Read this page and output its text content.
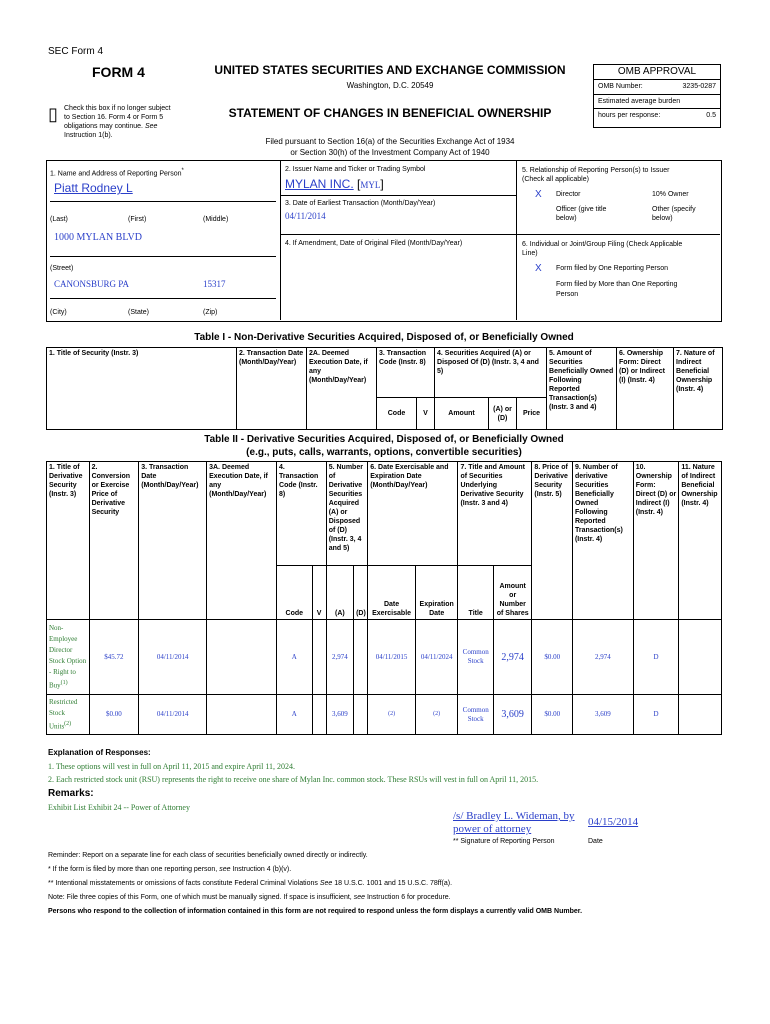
SEC Form 4
FORM 4	UNITED STATES SECURITIES AND EXCHANGE COMMISSION
Washington, D.C. 20549
▯ Check this box if no longer subject
to Section 16. Form 4 or Form 5
obligations may continue. See
Instruction 1(b).
STATEMENT OF CHANGES IN BENEFICIAL OWNERSHIP
Filed pursuant to Section 16(a) of the Securities Exchange Act of 1934
or Section 30(h) of the Investment Company Act of 1940
OMB APPROVAL
OMB Number:	3235-0287
Estimated average burden
hours per response:	0.5
1. Name and Address of Reporting Person*
Piatt Rodney L
(Last)	(First)	(Middle)
1000 MYLAN BLVD
(Street)
CANONSBURG PA	15317
(City)	(State)	(Zip)
2. Issuer Name and Ticker or Trading Symbol
MYLAN INC. [MYL]
3. Date of Earliest Transaction (Month/Day/Year)
04/11/2014
4. If Amendment, Date of Original Filed (Month/Day/Year)
5. Relationship of Reporting Person(s) to Issuer
(Check all applicable)
X Director	10% Owner
Officer (give title
below)
Other (specify
below)
6. Individual or Joint/Group Filing (Check Applicable
Line)
X Form filed by One Reporting Person
Form filed by More than One Reporting
Person
Table I - Non-Derivative Securities Acquired, Disposed of, or Beneficially Owned
1. Title of Security (Instr. 3)	2. Transaction Date (Month/Day/Year)	2A. Deemed Execution Date, if any (Month/Day/Year)	3. Transaction Code (Instr. 8)		4. Securities Acquired (A) or Disposed Of (D) (Instr. 3, 4 and 5)			5. Amount of Securities Beneficially Owned Following Reported Transaction(s) (Instr. 3 and 4)	6. Ownership Form: Direct (D) or Indirect (I) (Instr. 4)	7. Nature of Indirect Beneficial Ownership (Instr. 4)
			Code	V	Amount	(A) or (D)	Price			
Table II - Derivative Securities Acquired, Disposed of, or Beneficially Owned
(e.g., puts, calls, warrants, options, convertible securities)
1. Title of Derivative Security (Instr. 3)	2. Conversion or Exercise Price of Derivative Security	3. Transaction Date (Month/Day/Year)	3A. Deemed Execution Date, if any (Month/Day/Year)	4. Transaction Code (Instr. 8)		5. Number of Derivative Securities Acquired (A) or Disposed of (D) (Instr. 3, 4 and 5)		6. Date Exercisable and Expiration Date (Month/Day/Year)		7. Title and Amount of Securities Underlying Derivative Security (Instr. 3 and 4)		8. Price of Derivative Security (Instr. 5)	9. Number of derivative Securities Beneficially Owned Following Reported Transaction(s) (Instr. 4)	10. Ownership Form: Direct (D) or Indirect (I) (Instr. 4)	11. Nature of Indirect Beneficial Ownership (Instr. 4)
				Code	V	(A)	(D)	Date Exercisable	Expiration Date	Title	Amount or Number of Shares				
Non-Employee Director Stock Option - Right to Buy$^{(1)}$	$45.72	04/11/2014		A		2,974		04/11/2015	04/11/2024	Common Stock	2,974	$0.00	2,974	D	
Restricted Stock Units$^{(2)}$	$0.00	04/11/2014		A		3,609		(2)	(2)	Common Stock	3,609	$0.00	3,609	D	
Explanation of Responses:
1. These options will vest in full on April 11, 2015 and expire April 11, 2024.
2. Each restricted stock unit (RSU) represents the right to receive one share of Mylan Inc. common stock. These RSUs will vest in full on April 11, 2015.
Remarks:
Exhibit List Exhibit 24 -- Power of Attorney
/s/ Bradley L. Wideman, by
power of attorney
04/15/2014
** Signature of Reporting Person	Date
Reminder: Report on a separate line for each class of securities beneficially owned directly or indirectly.
* If the form is filed by more than one reporting person, see Instruction 4 (b)(v).
** Intentional misstatements or omissions of facts constitute Federal Criminal Violations See 18 U.S.C. 1001 and 15 U.S.C. 78ff(a).
Note: File three copies of this Form, one of which must be manually signed. If space is insufficient, see Instruction 6 for procedure.
Persons who respond to the collection of information contained in this form are not required to respond unless the form displays a currently valid OMB Number.
